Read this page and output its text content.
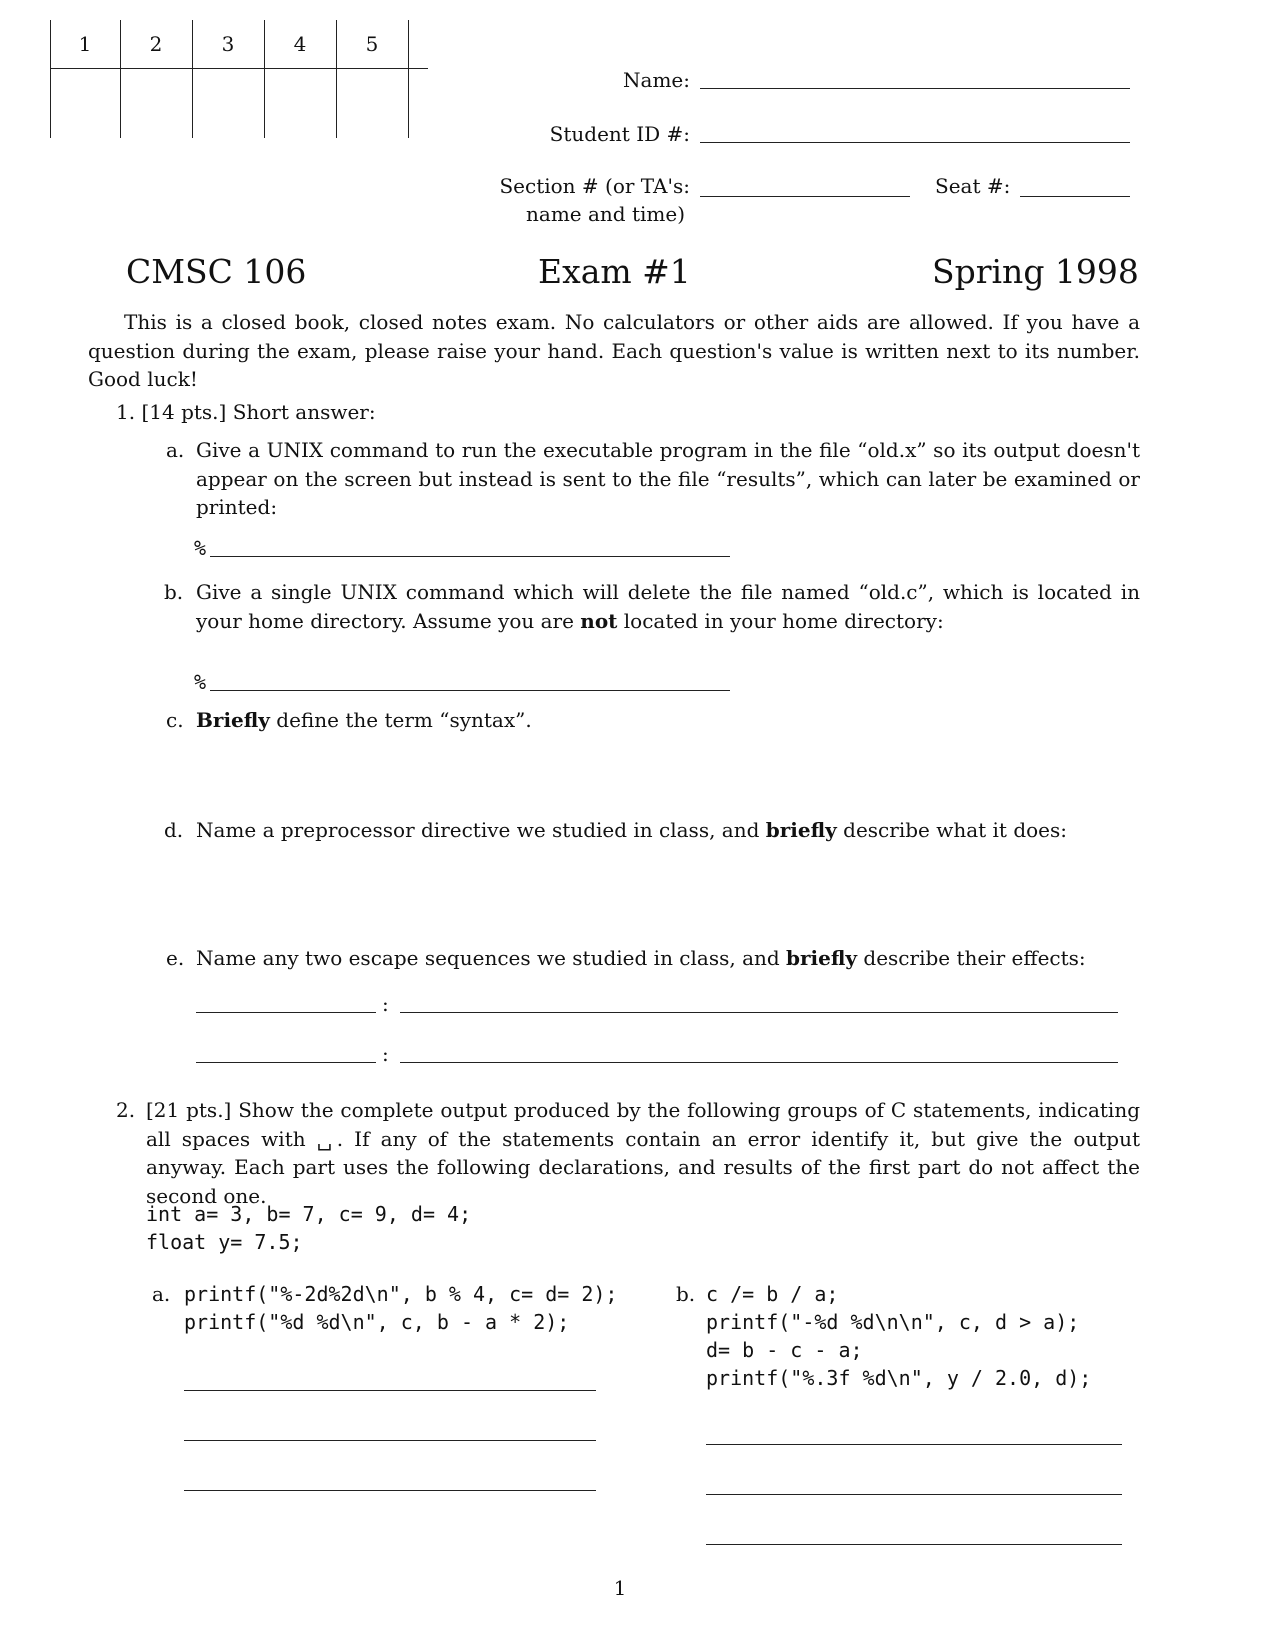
1	2	3	4	5
Name:
Student ID #:
Section # (or TA's:
name and time)
Seat #:
CMSC 106	Exam #1	Spring 1998
This is a closed book, closed notes exam. No calculators or other aids are allowed. If you have a question during the exam, please raise your hand. Each question's value is written next to its number. Good luck!
1. [14 pts.] Short answer:
a. Give a UNIX command to run the executable program in the file “old.x” so its output doesn't appear on the screen but instead is sent to the file “results”, which can later be examined or printed:
%
b. Give a single UNIX command which will delete the file named “old.c”, which is located in your home directory. Assume you are not located in your home directory:
%
c. Briefly define the term “syntax”.
d. Name a preprocessor directive we studied in class, and briefly describe what it does:
e. Name any two escape sequences we studied in class, and briefly describe their effects:
:
:
2. [21 pts.] Show the complete output produced by the following groups of C statements, indicating all spaces with ␣. If any of the statements contain an error identify it, but give the output anyway. Each part uses the following declarations, and results of the first part do not affect the second one.
int a= 3, b= 7, c= 9, d= 4;
float y= 7.5;
a. printf("%-2d%2d\n", b % 4, c= d= 2);
printf("%d %d\n", c, b - a * 2);
b. c /= b / a;
printf("-%d %d\n\n", c, d > a);
d= b - c - a;
printf("%.3f %d\n", y / 2.0, d);
1
